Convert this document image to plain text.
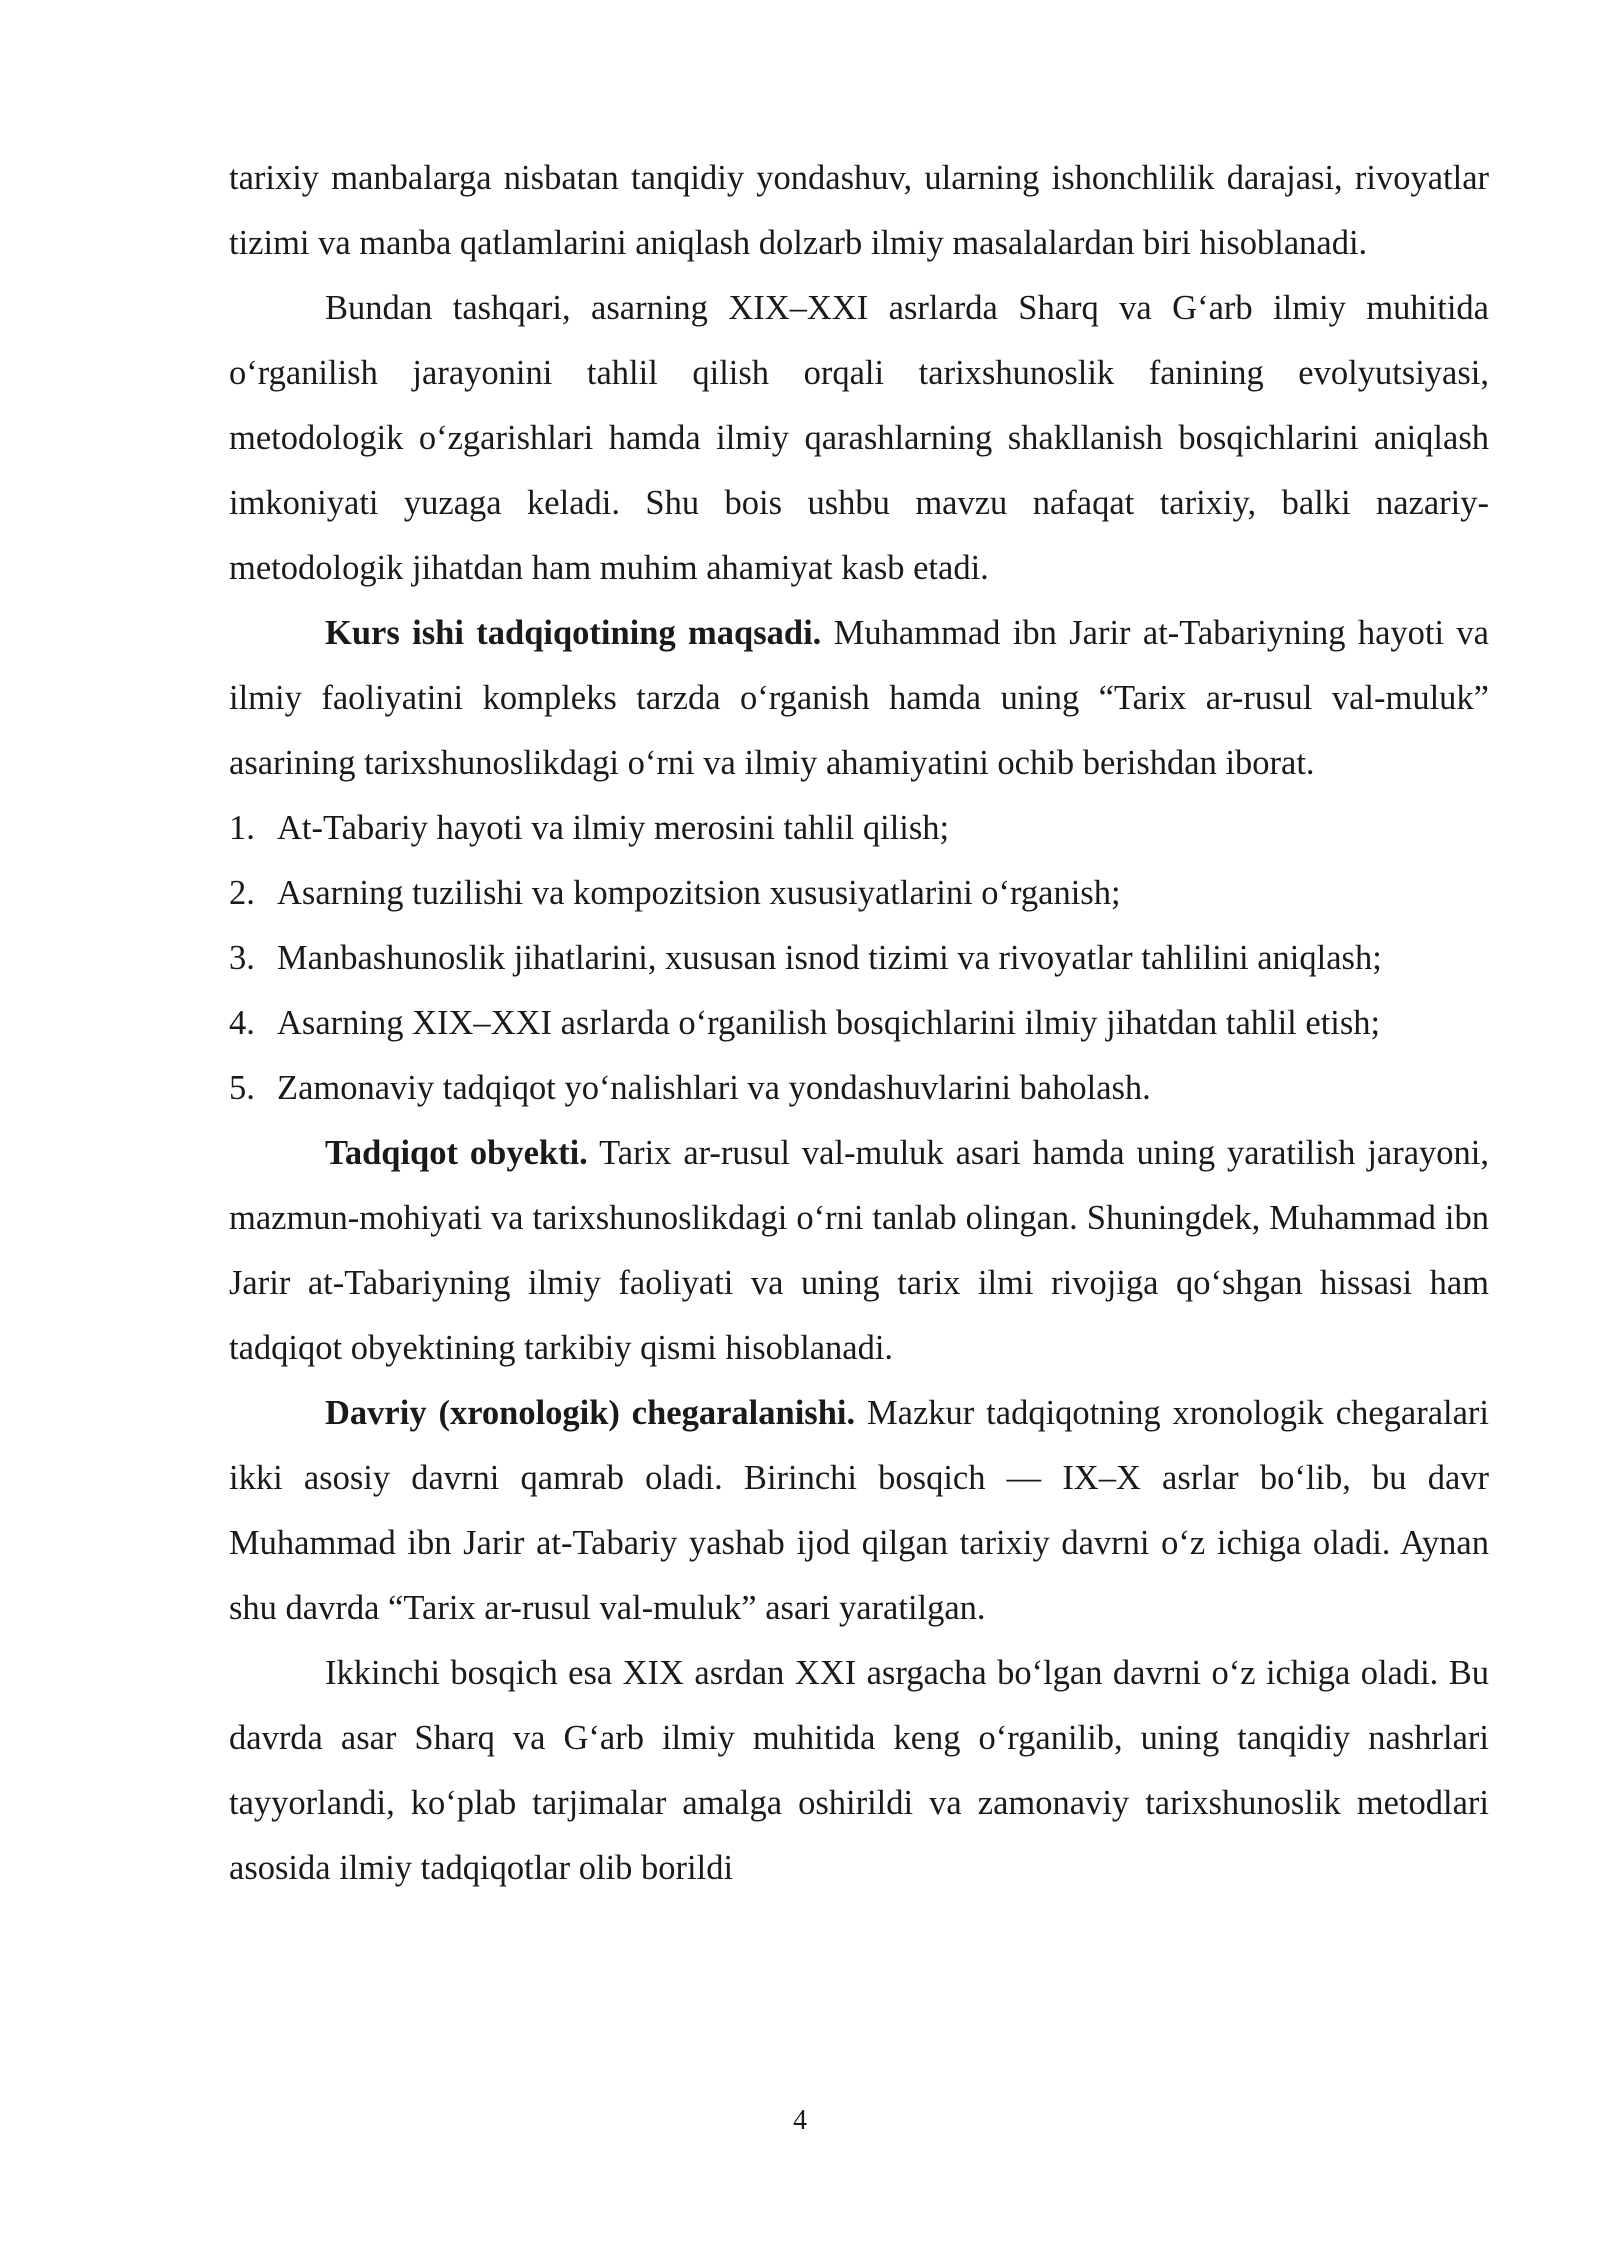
tarixiy manbalarga nisbatan tanqidiy yondashuv, ularning ishonchlilik darajasi, rivoyatlar tizimi va manba qatlamlarini aniqlash dolzarb ilmiy masalalardan biri hisoblanadi.

Bundan tashqari, asarning XIX–XXI asrlarda Sharq va G‘arb ilmiy muhitida o‘rganilish jarayonini tahlil qilish orqali tarixshunoslik fanining evolyutsiyasi, metodologik o‘zgarishlari hamda ilmiy qarashlarning shakllanish bosqichlarini aniqlash imkoniyati yuzaga keladi. Shu bois ushbu mavzu nafaqat tarixiy, balki nazariy-metodologik jihatdan ham muhim ahamiyat kasb etadi.

Kurs ishi tadqiqotining maqsadi. Muhammad ibn Jarir at-Tabariyning hayoti va ilmiy faoliyatini kompleks tarzda o‘rganish hamda uning “Tarix ar-rusul val-muluk” asarining tarixshunoslikdagi o‘rni va ilmiy ahamiyatini ochib berishdan iborat.

1. At-Tabariy hayoti va ilmiy merosini tahlil qilish;
2. Asarning tuzilishi va kompozitsion xususiyatlarini o‘rganish;
3. Manbashunoslik jihatlarini, xususan isnod tizimi va rivoyatlar tahlilini aniqlash;
4. Asarning XIX–XXI asrlarda o‘rganilish bosqichlarini ilmiy jihatdan tahlil etish;
5. Zamonaviy tadqiqot yo‘nalishlari va yondashuvlarini baholash.

Tadqiqot obyekti. Tarix ar-rusul val-muluk asari hamda uning yaratilish jarayoni, mazmun-mohiyati va tarixshunoslikdagi o‘rni tanlab olingan. Shuningdek, Muhammad ibn Jarir at-Tabariyning ilmiy faoliyati va uning tarix ilmi rivojiga qo‘shgan hissasi ham tadqiqot obyektining tarkibiy qismi hisoblanadi.

Davriy (xronologik) chegaralanishi. Mazkur tadqiqotning xronologik chegaralari ikki asosiy davrni qamrab oladi. Birinchi bosqich — IX–X asrlar bo‘lib, bu davr Muhammad ibn Jarir at-Tabariy yashab ijod qilgan tarixiy davrni o‘z ichiga oladi. Aynan shu davrda “Tarix ar-rusul val-muluk” asari yaratilgan.

Ikkinchi bosqich esa XIX asrdan XXI asrgacha bo‘lgan davrni o‘z ichiga oladi. Bu davrda asar Sharq va G‘arb ilmiy muhitida keng o‘rganilib, uning tanqidiy nashrlari tayyorlandi, ko‘plab tarjimalar amalga oshirildi va zamonaviy tarixshunoslik metodlari asosida ilmiy tadqiqotlar olib borildi

4
